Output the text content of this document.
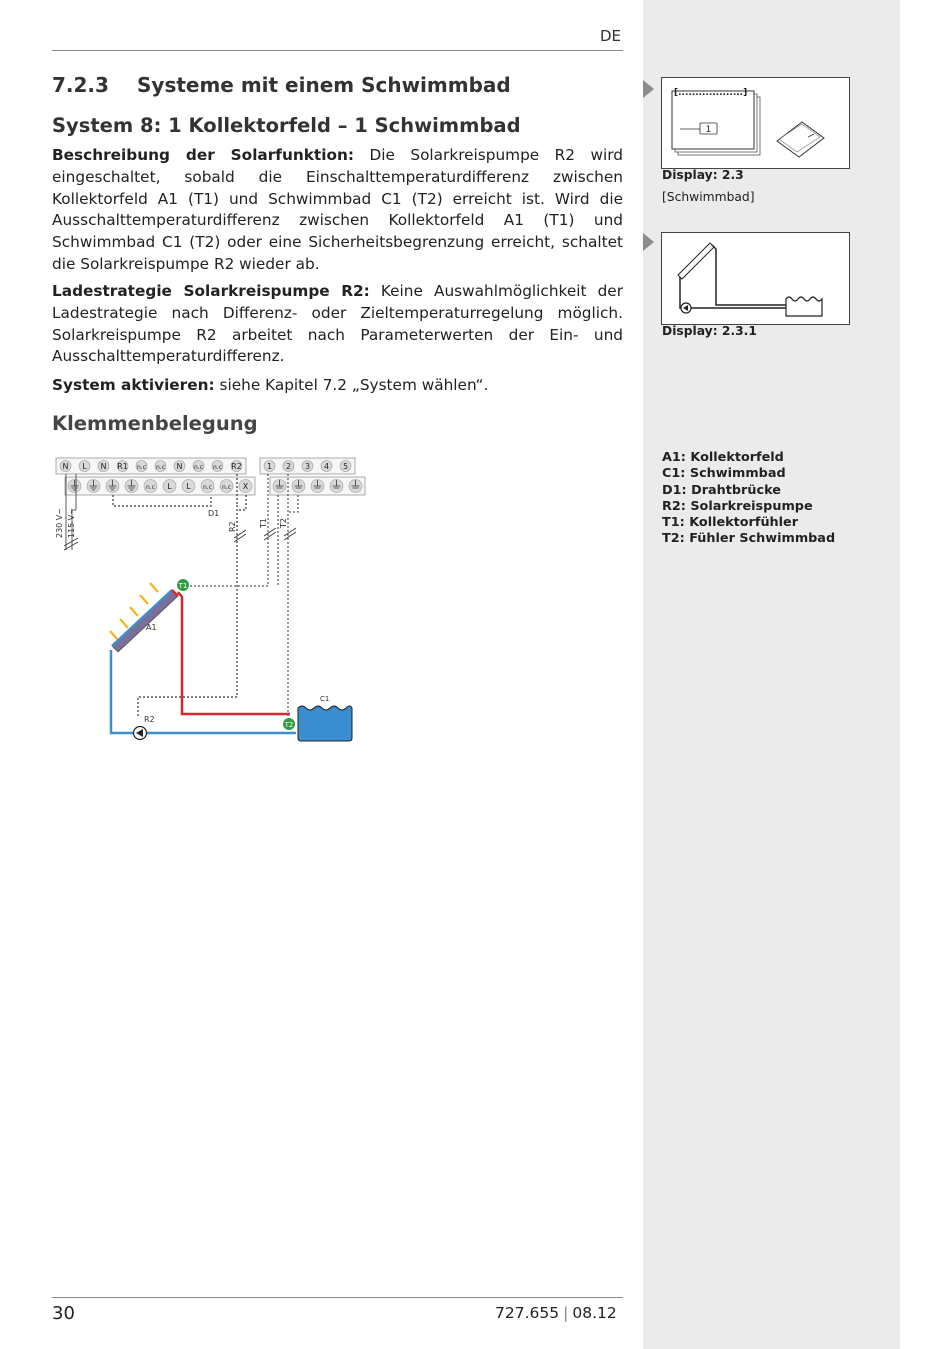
DE
7.2.3 Systeme mit einem Schwimmbad
System 8: 1 Kollektorfeld – 1 Schwimmbad

Beschreibung der Solarfunktion: Die Solarkreispumpe R2 wird eingeschaltet, sobald die Einschalttemperaturdifferenz zwischen Kollektorfeld A1 (T1) und Schwimmbad C1 (T2) erreicht ist. Wird die Ausschalttemperaturdifferenz zwischen Kollektorfeld A1 (T1) und Schwimmbad C1 (T2) oder eine Sicherheitsbegrenzung erreicht, schaltet die Solarkreispumpe R2 wieder ab.

Ladestrategie Solarkreispumpe R2: Keine Auswahlmöglichkeit der Ladestrategie nach Differenz- oder Zieltemperaturregelung möglich. Solarkreispumpe R2 arbeitet nach Parameterwerten der Ein- und Ausschalttemperaturdifferenz.

System aktivieren: siehe Kapitel 7.2 „System wählen“.

Klemmenbelegung
N L N R1 n.c n.c N n.c n.c R2
n.c L L n.c n.c X
1 2 3 4 5
230 V~ 115 V~	D1
R2	T1 T2
A1
C1
R2
T1
T2
[...................]
1
Display: 2.3
[Schwimmbad]
Display: 2.3.1
A1: Kollektorfeld
C1: Schwimmbad
D1: Drahtbrücke
R2: Solarkreispumpe
T1: Kollektorfühler
T2: Fühler Schwimmbad
30	727.655 | 08.12
